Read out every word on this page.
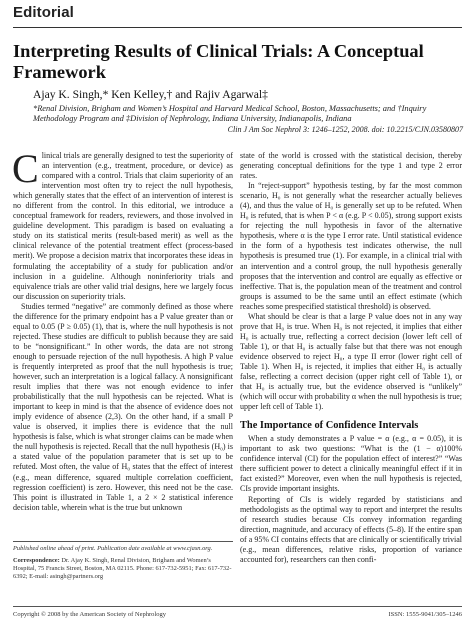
Editorial
Interpreting Results of Clinical Trials: A Conceptual Framework
Ajay K. Singh,* Ken Kelley,† and Rajiv Agarwal‡
*Renal Division, Brigham and Women’s Hospital and Harvard Medical School, Boston, Massachusetts; and †Inquiry Methodology Program and ‡Division of Nephrology, Indiana University, Indianapolis, Indiana
Clin J Am Soc Nephrol 3: 1246–1252, 2008. doi: 10.2215/CJN.03580807

Clinical trials are generally designed to test the superiority of an intervention (e.g., treatment, procedure, or device) as compared with a control. Trials that claim superiority of an intervention most often try to reject the null hypothesis, which generally states that the effect of an intervention of interest is no different from the control. In this editorial, we introduce a conceptual framework for readers, reviewers, and those involved in guideline development. This paradigm is based on evaluating a study on its statistical merits (result-based merit) as well as the clinical relevance of the potential treatment effect (process-based merit). We propose a decision matrix that incorporates these ideas in formulating the acceptability of a study for publication and/or inclusion in a guideline. Although noninferiority trials and equivalence trials are other valid trial designs, here we largely focus our discussion on superiority trials.

Studies termed “negative” are commonly defined as those where the difference for the primary endpoint has a P value greater than or equal to 0.05 (P ≥ 0.05) (1), that is, where the null hypothesis is not rejected. These studies are difficult to publish because they are said to be “nonsignificant.” In other words, the data are not strong enough to persuade rejection of the null hypothesis. A high P value is frequently interpreted as proof that the null hypothesis is true; however, such an interpretation is a logical fallacy. A nonsignificant result implies that there was not enough evidence to infer probabilistically that the null hypothesis can be rejected. What is important to keep in mind is that the absence of evidence does not imply evidence of absence (2,3). On the other hand, if a small P value is observed, it implies there is evidence that the null hypothesis is false, which is what stronger claims can be made when the null hypothesis is rejected. Recall that the null hypothesis (H₀) is a stated value of the population parameter that is set up to be refuted. Most often, the value of H₀ states that the effect of interest (e.g., mean difference, squared multiple correlation coefficient, regression coefficient) is zero. However, this need not be the case. This point is illustrated in Table 1, a 2 × 2 statistical inference decision table, wherein what is the true but unknown

state of the world is crossed with the statistical decision, thereby generating conceptual definitions for the type 1 and type 2 error rates.

In “reject-support” hypothesis testing, by far the most common scenario, H₀ is not generally what the researcher actually believes (4), and thus the value of H₀ is generally set up to be refuted. When H₀ is refuted, that is when P < α (e.g. P < 0.05), strong support exists for rejecting the null hypothesis in favor of the alternative hypothesis, where α is the type I error rate. Until statistical evidence in the form of a hypothesis test indicates otherwise, the null hypothesis is presumed true (1). For example, in a clinical trial with an intervention and a control group, the null hypothesis generally proposes that the intervention and control are equally as effective or ineffective. That is, the population mean of the treatment and control groups is assumed to be the same until an effect estimate (which reaches some prespecified statistical threshold) is observed.

What should be clear is that a large P value does not in any way prove that H₀ is true. When H₀ is not rejected, it implies that either H₀ is actually true, reflecting a correct decision (lower left cell of Table 1), or that H₀ is actually false but that there was not enough evidence observed to reject H₀, a type II error (lower right cell of Table 1). When H₀ is rejected, it implies that either H₀ is actually false, reflecting a correct decision (upper right cell of Table 1), or that H₀ is actually true, but the evidence observed is “unlikely” (which will occur with probability α when the null hypothesis is true; upper left cell of Table 1).

The Importance of Confidence Intervals

When a study demonstrates a P value = α (e.g., α = 0.05), it is important to ask two questions: “What is the (1 − α)100% confidence interval (CI) for the population effect of interest?” “Was there sufficient power to detect a clinically meaningful effect if it in fact existed?” Moreover, even when the null hypothesis is rejected, CIs provide important insights.

Reporting of CIs is widely regarded by statisticians and methodologists as the optimal way to report and interpret the results of research studies because CIs convey information regarding direction, magnitude, and accuracy of effects (5–8). If the entire span of a 95% CI contains effects that are clinically or scientifically trivial (e.g., mean differences, relative risks, proportion of variance accounted for), researchers can then confi-

Published online ahead of print. Publication date available at www.cjasn.org.
Correspondence: Dr. Ajay K. Singh, Renal Division, Brigham and Women’s Hospital, 75 Francis Street, Boston, MA 02115. Phone: 617-732-5951; Fax: 617-732-6392; E-mail: asingh@partners.org
Copyright © 2008 by the American Society of Nephrology	ISSN: 1555-9041/305–1246
